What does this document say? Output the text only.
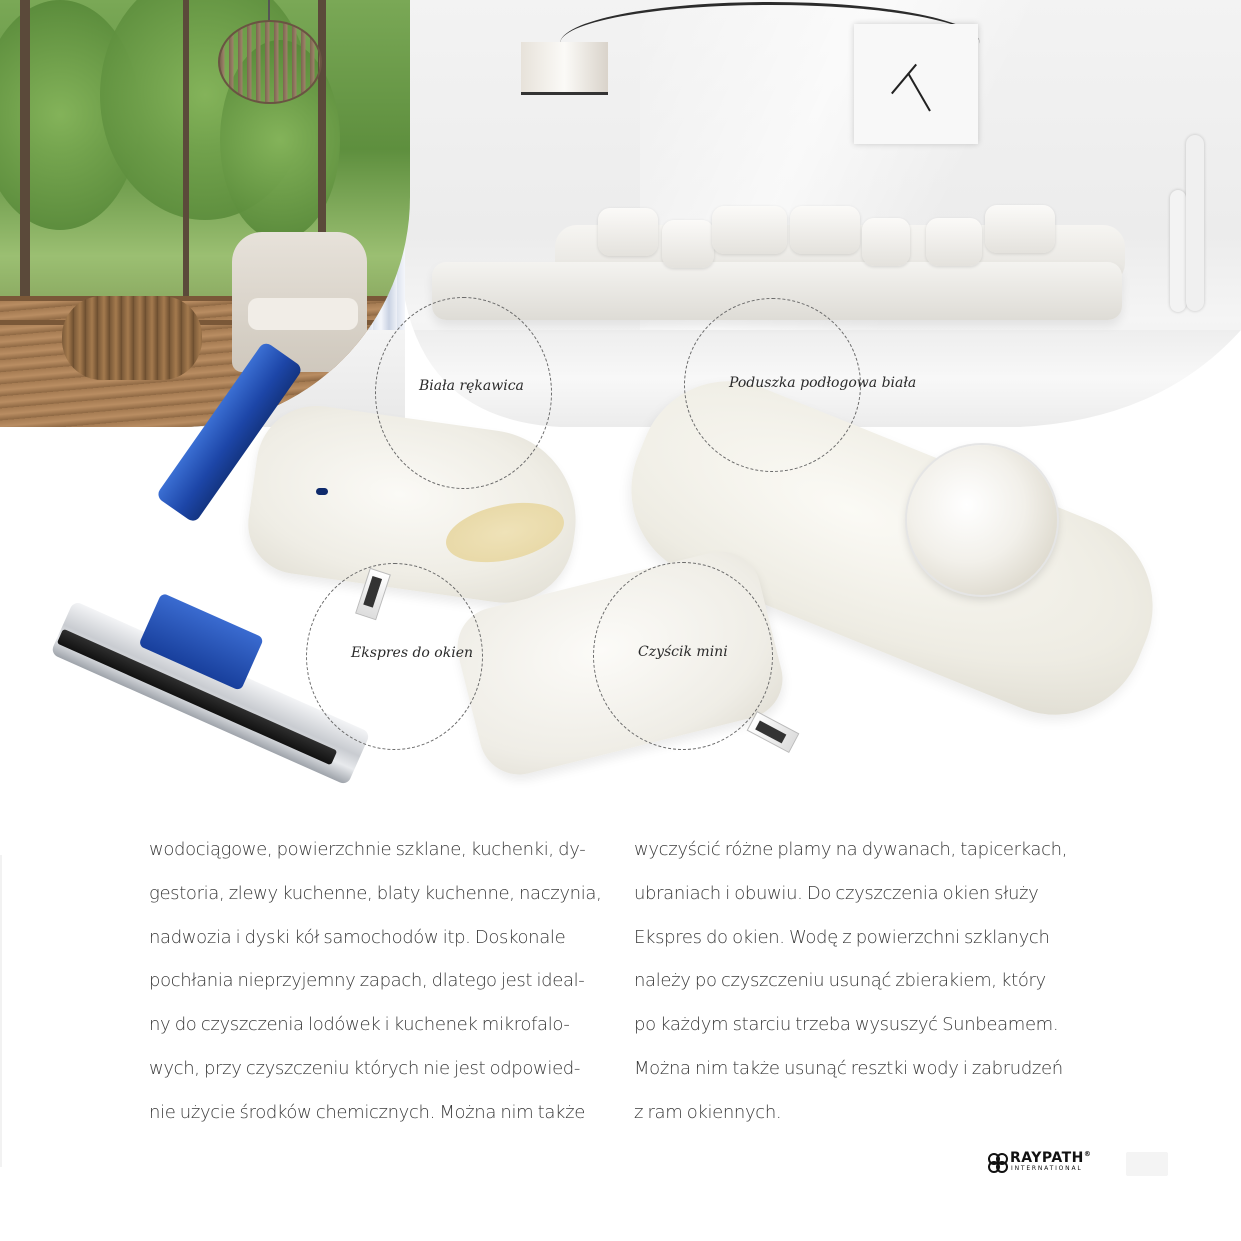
Biała rękawica	Poduszka podłogowa biała
Ekspres do okien	Czyścik mini

wodociągowe, powierzchnie szklane, kuchenki, dy-

gestoria, zlewy kuchenne, blaty kuchenne, naczynia,

nadwozia i dyski kół samochodów itp. Doskonale

pochłania nieprzyjemny zapach, dlatego jest ideal-

ny do czyszczenia lodówek i kuchenek mikrofalo-

wych, przy czyszczeniu których nie jest odpowied-

nie użycie środków chemicznych. Można nim także

wyczyścić różne plamy na dywanach, tapicerkach,

ubraniach i obuwiu. Do czyszczenia okien służy

Ekspres do okien. Wodę z powierzchni szklanych

należy po czyszczeniu usunąć zbierakiem, który

po każdym starciu trzeba wysuszyć Sunbeamem.

Można nim także usunąć resztki wody i zabrudzeń

z ram okiennych.

RAYPATH®
INTERNATIONAL
